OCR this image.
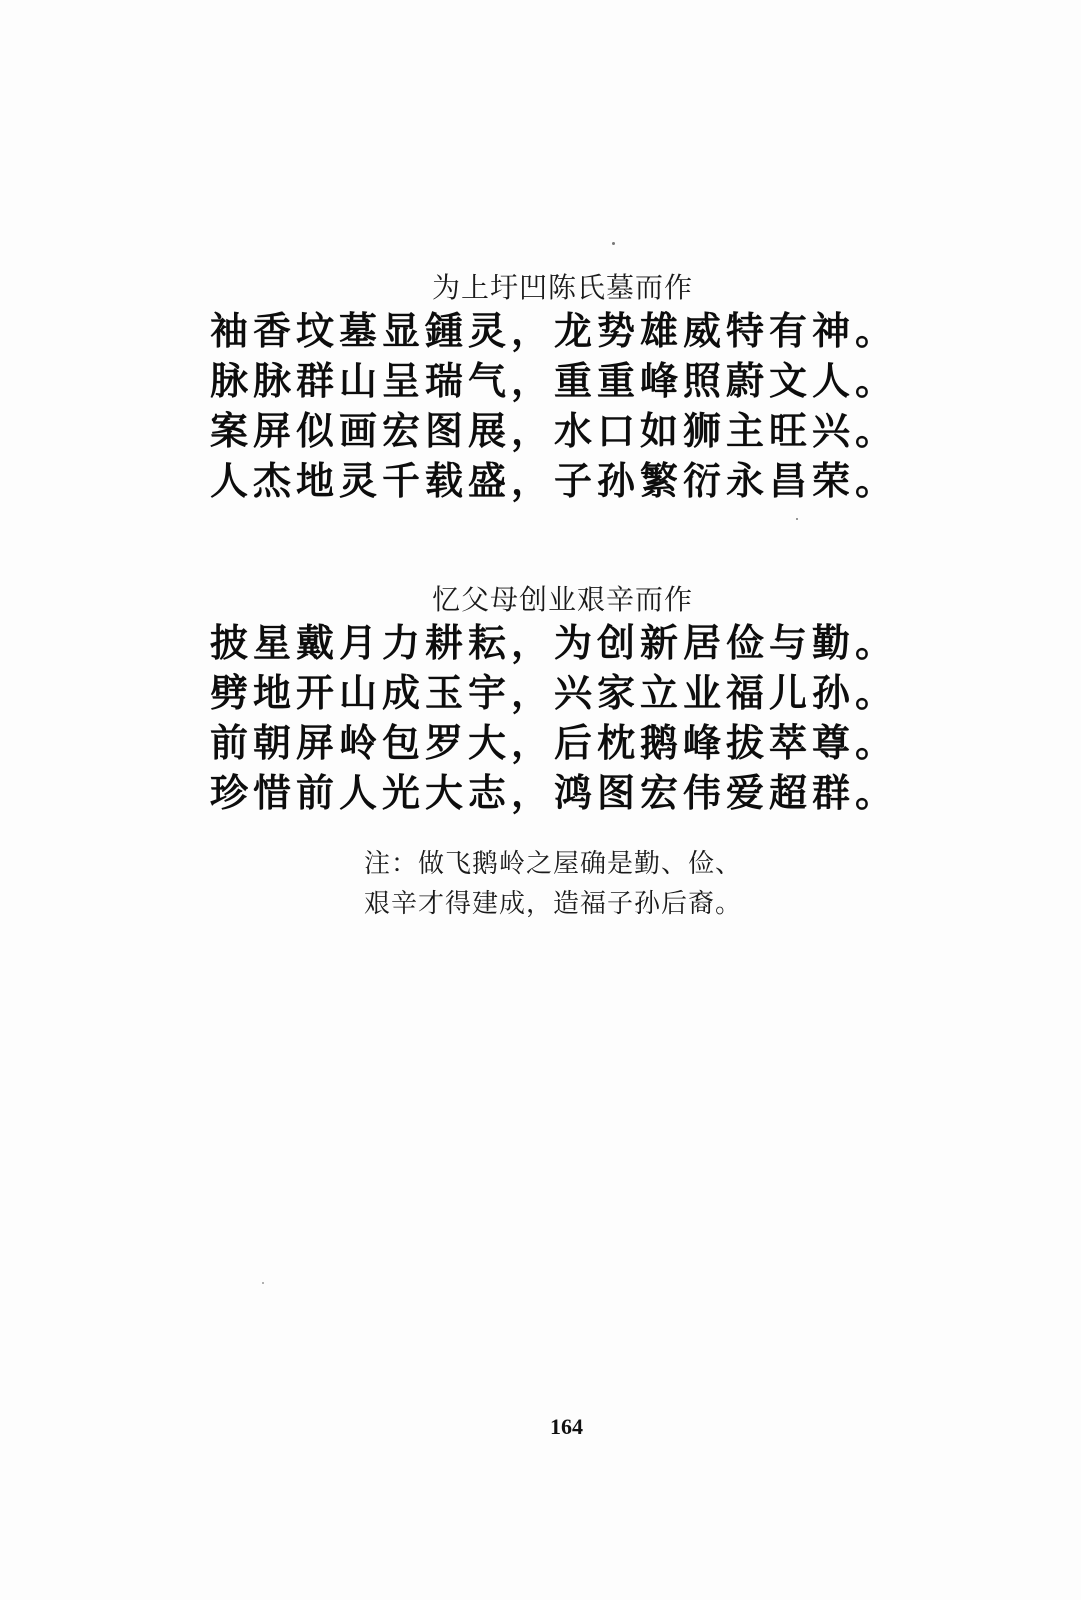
为上圩凹陈氏墓而作
袖香坟墓显鍾灵，龙势雄威特有神。
脉脉群山呈瑞气，重重峰照蔚文人。
案屏似画宏图展，水口如狮主旺兴。
人杰地灵千载盛，子孙繁衍永昌荣。
忆父母创业艰辛而作
披星戴月力耕耘，为创新居俭与勤。
劈地开山成玉宇，兴家立业福儿孙。
前朝屏岭包罗大，后枕鹅峰拔萃尊。
珍惜前人光大志，鸿图宏伟爱超群。
注：做飞鹅岭之屋确是勤、俭、
艰辛才得建成，造福子孙后裔。
164
